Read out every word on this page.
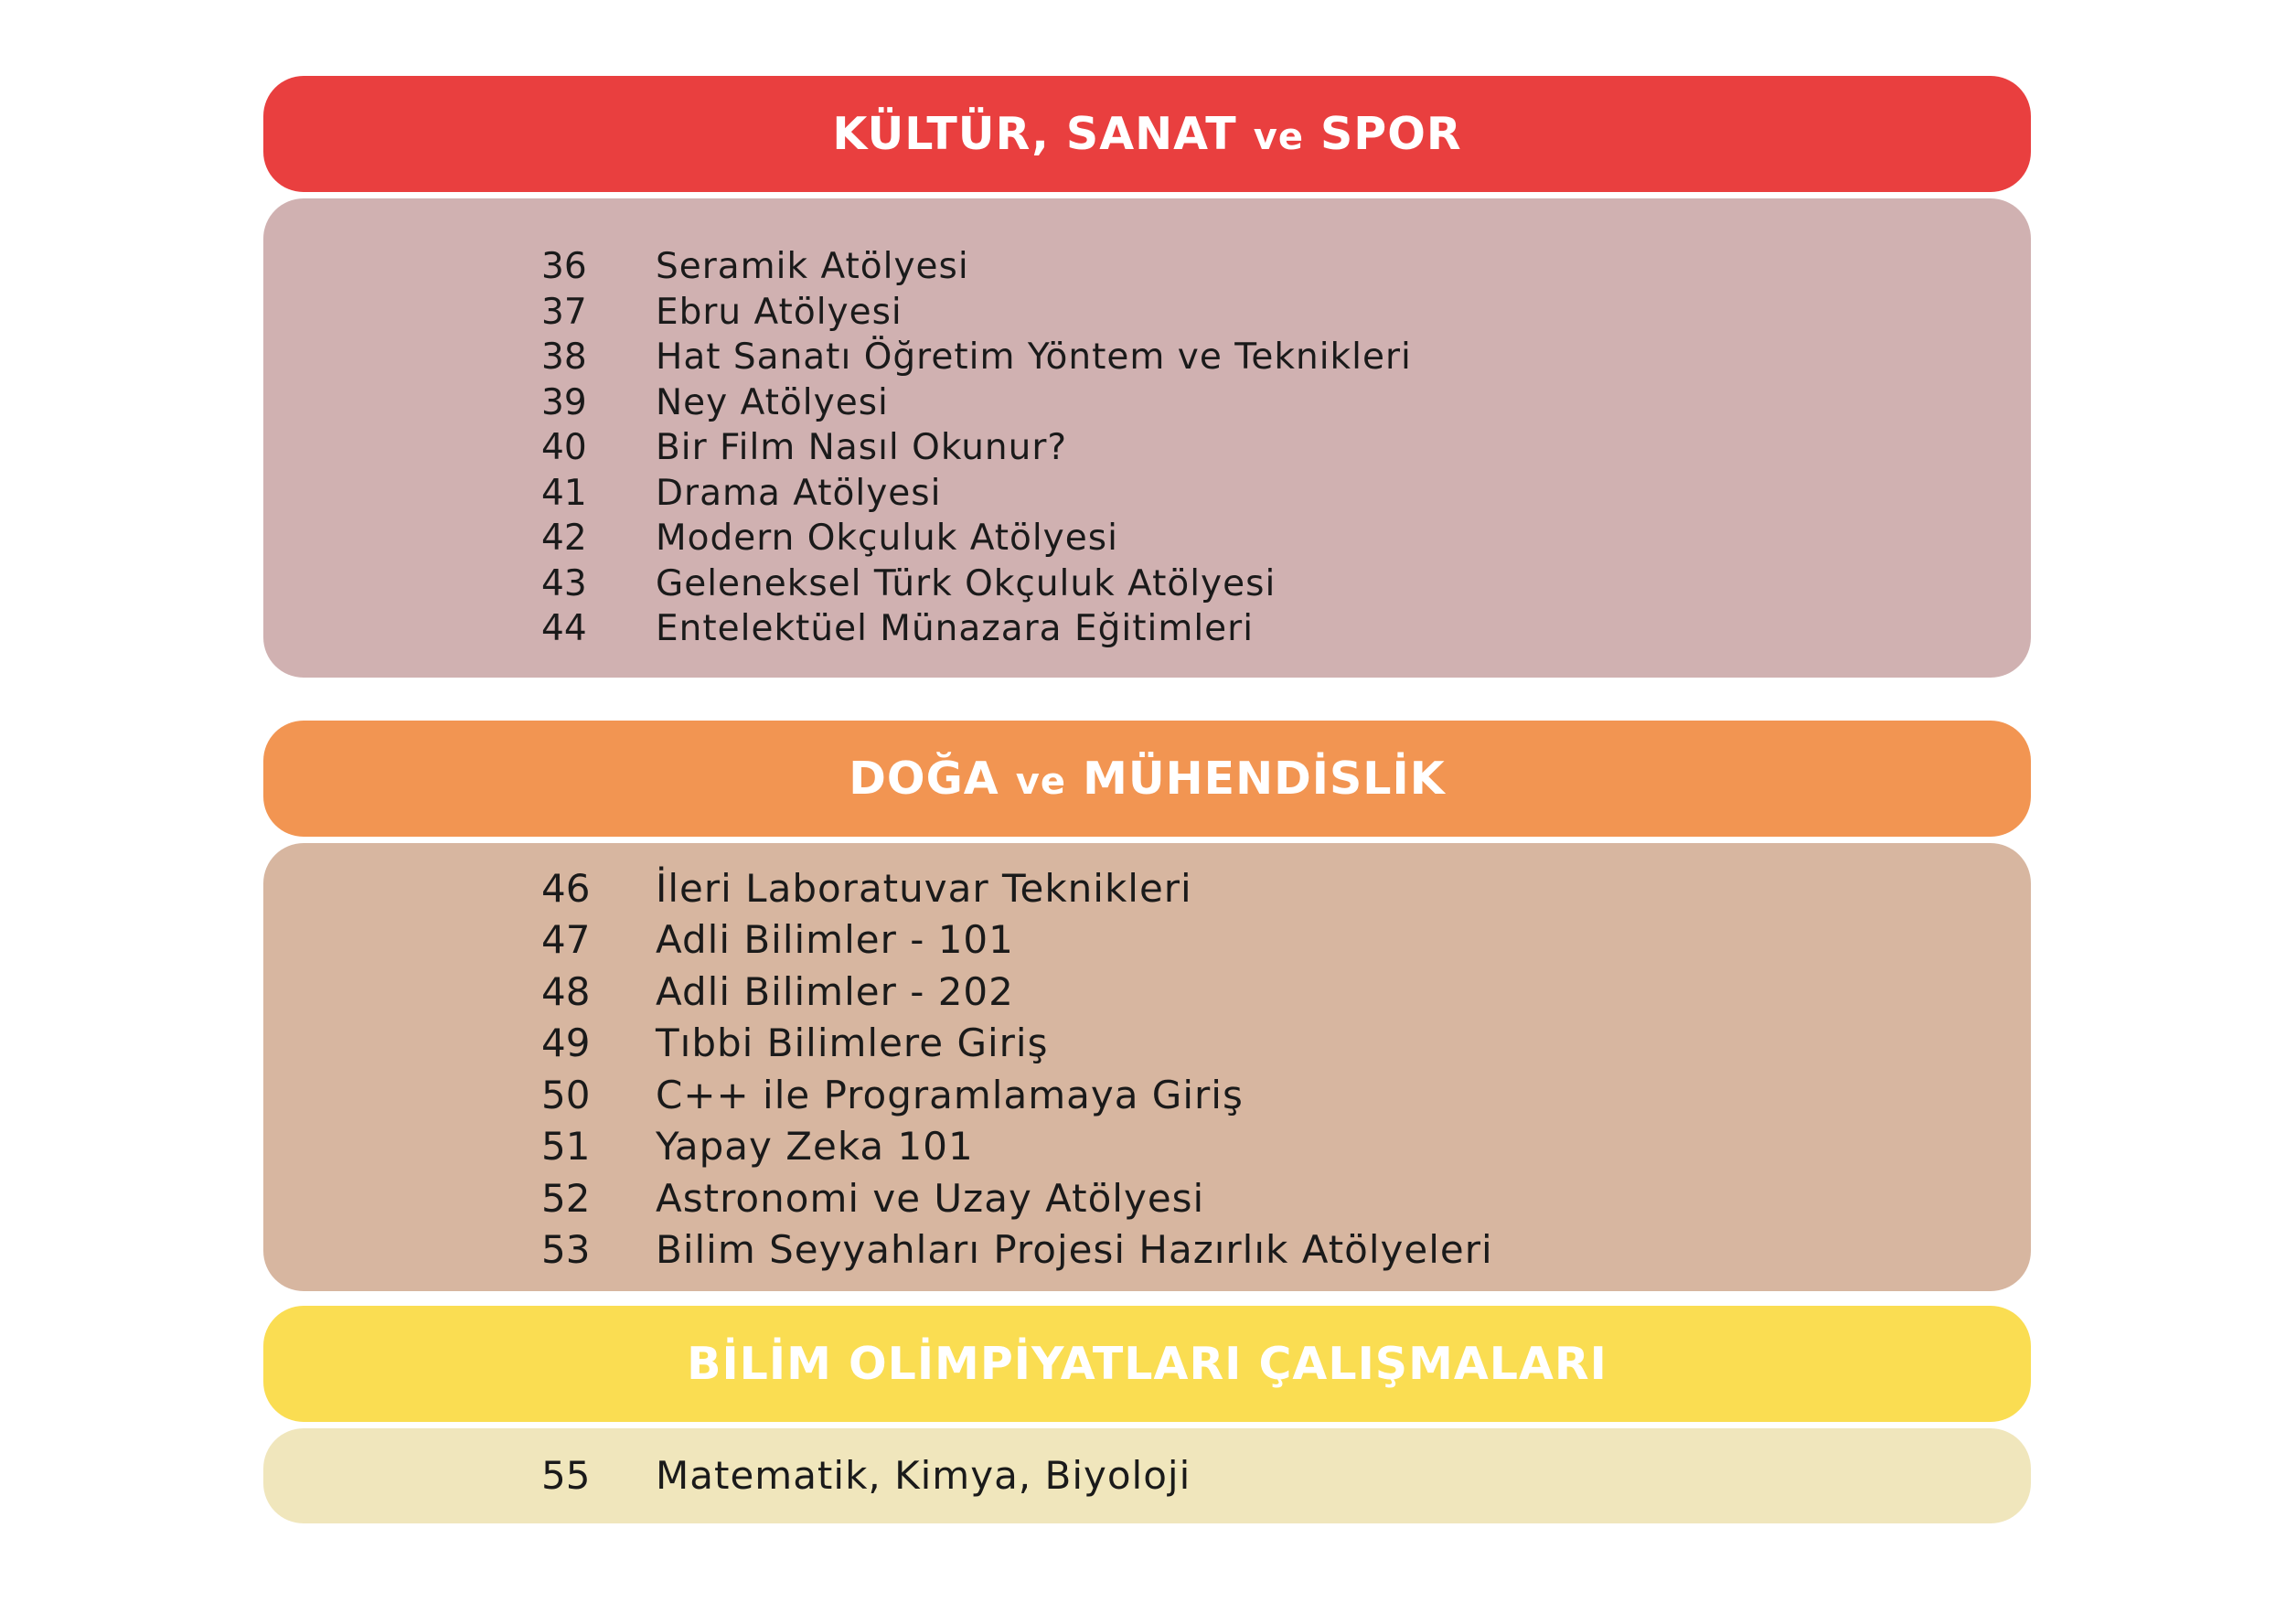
KÜLTÜR, SANAT ve SPOR
36 Seramik Atölyesi
37 Ebru Atölyesi
38 Hat Sanatı Öğretim Yöntem ve Teknikleri
39 Ney Atölyesi
40 Bir Film Nasıl Okunur?
41 Drama Atölyesi
42 Modern Okçuluk Atölyesi
43 Geleneksel Türk Okçuluk Atölyesi
44 Entelektüel Münazara Eğitimleri
DOĞA ve MÜHENDİSLİK
46 İleri Laboratuvar Teknikleri
47 Adli Bilimler - 101
48 Adli Bilimler - 202
49 Tıbbi Bilimlere Giriş
50 C++ ile Programlamaya Giriş
51 Yapay Zeka 101
52 Astronomi ve Uzay Atölyesi
53 Bilim Seyyahları Projesi Hazırlık Atölyeleri
BİLİM OLİMPİYATLARI ÇALIŞMALARI
55 Matematik, Kimya, Biyoloji
